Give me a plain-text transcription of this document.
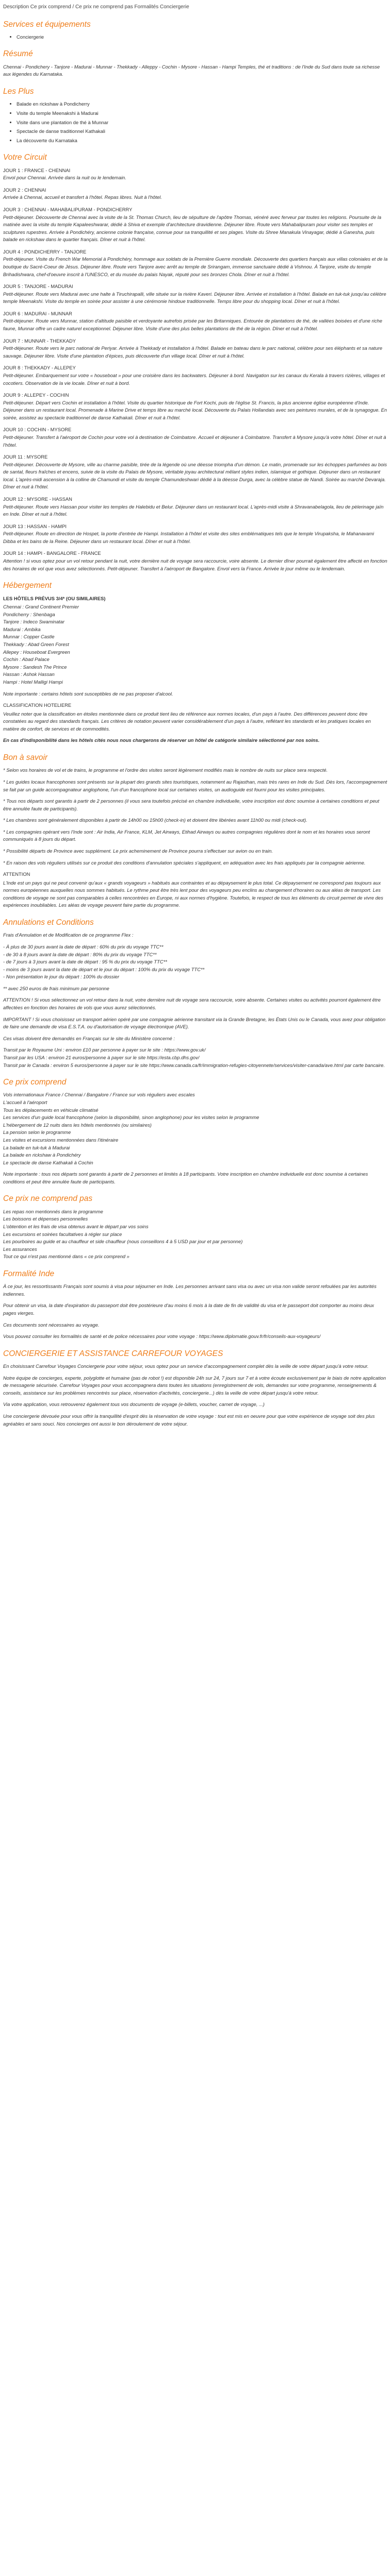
Description Ce prix comprend / Ce prix ne comprend pas Formalités Conciergerie

Services et équipements
• Conciergerie
Résumé

Chennai - Pondichery - Tanjore - Madurai - Munnar - Thekkady - Alleppy - Cochin - Mysore - Hassan - Hampi Temples, thé et traditions : de l'Inde du Sud dans toute sa richesse aux légendes du Karnataka.

Les Plus
• Balade en rickshaw à Pondicherry
• Visite du temple Meenakshi à Madurai
• Visite dans une plantation de thé à Munnar
• Spectacle de danse traditionnel Kathakali
• La découverte du Karnataka
Votre Circuit
JOUR 1 : FRANCE - CHENNAI
Envol pour Chennai. Arrivée dans la nuit ou le lendemain.
JOUR 2 : CHENNAI
Arrivée à Chennai, accueil et transfert à l'hôtel. Repas libres. Nuit à l'hôtel.
JOUR 3 : CHENNAI - MAHABALIPURAM - PONDICHERRY
Petit-déjeuner. Découverte de Chennai avec la visite de la St. Thomas Church, lieu de sépulture de l'apôtre Thomas, vénéré avec ferveur par toutes les religions. Poursuite de la matinée avec la visite du temple Kapaleeshwarar, dédié à Shiva et exemple d'architecture dravidienne. Déjeuner libre. Route vers Mahabalipuram pour visiter ses temples et sculptures rupestres. Arrivée à Pondichéry, ancienne colonie française, connue pour sa tranquillité et ses plages. Visite du Shree Manakula Vinayagar, dédié à Ganesha, puis balade en rickshaw dans le quartier français. Dîner et nuit à l'hôtel.
JOUR 4 : PONDICHERRY - TANJORE
Petit-déjeuner. Visite du French War Memorial à Pondichéry, hommage aux soldats de la Première Guerre mondiale. Découverte des quartiers français aux villas coloniales et de la boutique du Sacré-Coeur de Jésus. Déjeuner libre. Route vers Tanjore avec arrêt au temple de Srirangam, immense sanctuaire dédié à Vishnou. À Tanjore, visite du temple Brihadishwara, chef-d'oeuvre inscrit à l'UNESCO, et du musée du palais Nayak, réputé pour ses bronzes Chola. Dîner et nuit à l'hôtel.
JOUR 5 : TANJORE - MADURAI
Petit-déjeuner. Route vers Madurai avec une halte à Tiruchirapalli, ville située sur la rivière Kaveri. Déjeuner libre. Arrivée et installation à l'hôtel. Balade en tuk-tuk jusqu'au célèbre temple Meenakshi. Visite du temple en soirée pour assister à une cérémonie hindoue traditionnelle. Temps libre pour du shopping local. Dîner et nuit à l'hôtel.
JOUR 6 : MADURAI - MUNNAR
Petit-déjeuner. Route vers Munnar, station d'altitude paisible et verdoyante autrefois prisée par les Britanniques. Entourée de plantations de thé, de vallées boisées et d'une riche faune, Munnar offre un cadre naturel exceptionnel. Déjeuner libre. Visite d'une des plus belles plantations de thé de la région. Dîner et nuit à l'hôtel.
JOUR 7 : MUNNAR - THEKKADY
Petit-déjeuner. Route vers le parc national de Periyar. Arrivée à Thekkady et installation à l'hôtel. Balade en bateau dans le parc national, célèbre pour ses éléphants et sa nature sauvage. Déjeuner libre. Visite d'une plantation d'épices, puis découverte d'un village local. Dîner et nuit à l'hôtel.
JOUR 8 : THEKKADY - ALLEPEY
Petit-déjeuner. Embarquement sur votre « houseboat » pour une croisière dans les backwaters. Déjeuner à bord. Navigation sur les canaux du Kerala à travers rizières, villages et cocotiers. Observation de la vie locale. Dîner et nuit à bord.
JOUR 9 : ALLEPEY - COCHIN
Petit-déjeuner. Départ vers Cochin et installation à l'hôtel. Visite du quartier historique de Fort Kochi, puis de l'église St. Francis, la plus ancienne église européenne d'Inde. Déjeuner dans un restaurant local. Promenade à Marine Drive et temps libre au marché local. Découverte du Palais Hollandais avec ses peintures murales, et de la synagogue. En soirée, assistez au spectacle traditionnel de danse Kathakali. Dîner et nuit à l'hôtel.
JOUR 10 : COCHIN - MYSORE
Petit-déjeuner. Transfert à l'aéroport de Cochin pour votre vol à destination de Coimbatore. Accueil et déjeuner à Coimbatore. Transfert à Mysore jusqu'à votre hôtel. Dîner et nuit à l'hôtel.
JOUR 11 : MYSORE
Petit-déjeuner. Découverte de Mysore, ville au charme paisible, tirée de la légende où une déesse triompha d'un démon. Le matin, promenade sur les échoppes parfumées au bois de santal, fleurs fraîches et encens, suivie de la visite du Palais de Mysore, véritable joyau architectural mêlant styles indien, islamique et gothique. Déjeuner dans un restaurant local. L'après-midi ascension à la colline de Chamundi et visite du temple Chamundeshwari dédié à la déesse Durga, avec la célèbre statue de Nandi. Soirée au marché Devaraja. Dîner et nuit à l'hôtel.
JOUR 12 : MYSORE - HASSAN
Petit-déjeuner. Route vers Hassan pour visiter les temples de Halebidu et Belur. Déjeuner dans un restaurant local. L'après-midi visite à Shravanabelagola, lieu de pèlerinage jaïn en Inde. Dîner et nuit à l'hôtel.
JOUR 13 : HASSAN - HAMPI
Petit-déjeuner. Route en direction de Hospet, la porte d'entrée de Hampi. Installation à l'hôtel et visite des sites emblématiques tels que le temple Virupaksha, le Mahanavami Dibba et les bains de la Reine. Déjeuner dans un restaurant local. Dîner et nuit à l'hôtel.
JOUR 14 : HAMPI - BANGALORE - FRANCE
Attention ! si vous optez pour un vol retour pendant la nuit, votre dernière nuit de voyage sera raccourcie, voire absente. Le dernier dîner pourrait également être affecté en fonction des horaires de vol que vous avez sélectionnés. Petit-déjeuner. Transfert à l'aéroport de Bangalore. Envol vers la France. Arrivée le jour même ou le lendemain.
Hébergement

LES HÔTELS PRÉVUS 3/4* (OU SIMILAIRES)

Chennai : Grand Continent Premier
Pondicherry : Shenbaga
Tanjore : Indeco Swaminatar
Madurai : Ambika
Munnar : Copper Castle
Thekkady : Abad Green Forest
Allepey : Houseboat Evergreen
Cochin : Abad Palace
Mysore : Sandesh The Prince
Hassan : Ashok Hassan
Hampi : Hotel Malligi Hampi

Note importante : certains hôtels sont susceptibles de ne pas proposer d'alcool.

CLASSIFICATION HOTELIERE

Veuillez noter que la classification en étoiles mentionnée dans ce produit tient lieu de référence aux normes locales, d'un pays à l'autre. Des différences peuvent donc être constatées au regard des standards français. Les critères de notation peuvent varier considérablement d'un pays à l'autre, reflétant les standards et les pratiques locales en matière de confort, de services et de commodités.

En cas d'indisponibilité dans les hôtels cités nous nous chargerons de réserver un hôtel de catégorie similaire sélectionné par nos soins.

Bon à savoir

* Selon vos horaires de vol et de trains, le programme et l'ordre des visites seront légèrement modifiés mais le nombre de nuits sur place sera respecté.

* Les guides locaux francophones sont présents sur la plupart des grands sites touristiques, notamment au Rajasthan, mais très rares en Inde du Sud. Dès lors, l'accompagnement se fait par un guide accompagnateur anglophone, l'un d'un francophone local sur certaines visites, un audioguide est fourni pour les visites principales.

* Tous nos départs sont garantis à partir de 2 personnes (il vous sera toutefois précisé en chambre individuelle, votre inscription est donc soumise à certaines conditions et peut être annulée faute de participants).

* Les chambres sont généralement disponibles à partir de 14h00 ou 15h00 (check-in) et doivent être libérées avant 11h00 ou midi (check-out).

* Les compagnies opérant vers l'Inde sont : Air India, Air France, KLM, Jet Airways, Etihad Airways ou autres compagnies régulières dont le nom et les horaires vous seront communiqués à 8 jours du départ.

* Possibilité départs de Province avec supplément. Le prix acheminement de Province pourra s'effectuer sur avion ou en train.

* En raison des vols réguliers utilisés sur ce produit des conditions d'annulation spéciales s'appliquent, en adéquation avec les frais appliqués par la compagnie aérienne.

ATTENTION

L'Inde est un pays qui ne peut convenir qu'aux « grands voyageurs » habitués aux contraintes et au dépaysement le plus total. Ce dépaysement ne correspond pas toujours aux normes européennes auxquelles nous sommes habitués. Le rythme peut être très lent pour des voyageurs peu enclins au changement d'horaires ou aux aléas de transport. Les conditions de voyage ne sont pas comparables à celles rencontrées en Europe, ni aux normes d'hygiène. Toutefois, le respect de tous les éléments du circuit permet de vivre des expériences inoubliables. Les aléas de voyage peuvent faire partie du programme.

Annulations et Conditions

Frais d'Annulation et de Modification de ce programme Flex :

- À plus de 30 jours avant la date de départ : 60% du prix du voyage TTC**
- de 30 à 8 jours avant la date de départ : 80% du prix du voyage TTC**
- de 7 jours à 3 jours avant la date de départ : 95 % du prix du voyage TTC**
- moins de 3 jours avant la date de départ et le jour du départ : 100% du prix du voyage TTC**
- Non présentation le jour du départ : 100% du dossier

** avec 250 euros de frais minimum par personne

ATTENTION ! Si vous sélectionnez un vol retour dans la nuit, votre dernière nuit de voyage sera raccourcie, voire absente. Certaines visites ou activités pourront également être affectées en fonction des horaires de vols que vous aurez sélectionnés.

IMPORTANT ! Si vous choisissez un transport aérien opéré par une compagnie aérienne transitant via la Grande Bretagne, les États Unis ou le Canada, vous avez pour obligation de faire une demande de visa E.S.T.A. ou d'autorisation de voyage électronique (AVE).

Ces visas doivent être demandés en Français sur le site du Ministère concerné :

Transit par le Royaume Uni : environ £10 par personne à payer sur le site : https://www.gov.uk/
Transit par les USA : environ 21 euros/personne à payer sur le site https://esta.cbp.dhs.gov/
Transit par le Canada : environ 5 euros/personne à payer sur le site https://www.canada.ca/fr/immigration-refugies-citoyennete/services/visiter-canada/ave.html par carte bancaire.
Ce prix comprend
Vols internationaux France / Chennai / Bangalore / France sur vols réguliers avec escales
L'accueil à l'aéroport
Tous les déplacements en véhicule climatisé
Les services d'un guide local francophone (selon la disponibilité, sinon anglophone) pour les visites selon le programme
L'hébergement de 12 nuits dans les hôtels mentionnés (ou similaires)
La pension selon le programme
Les visites et excursions mentionnées dans l'itinéraire
La balade en tuk-tuk à Madurai
La balade en rickshaw à Pondichéry
Le spectacle de danse Kathakali à Cochin

Note importante : tous nos départs sont garantis à partir de 2 personnes et limités à 18 participants. Votre inscription en chambre individuelle est donc soumise à certaines conditions et peut être annulée faute de participants.

Ce prix ne comprend pas
Les repas non mentionnés dans le programme
Les boissons et dépenses personnelles
L'obtention et les frais de visa obtenus avant le départ par vos soins
Les excursions et soirées facultatives à régler sur place
Les pourboires au guide et au chauffeur et side chauffeur (nous conseillons 4 à 5 USD par jour et par personne)
Les assurances
Tout ce qui n'est pas mentionné dans « ce prix comprend »
Formalité Inde

À ce jour, les ressortissants Français sont soumis à visa pour séjourner en Inde. Les personnes arrivant sans visa ou avec un visa non valide seront refoulées par les autorités indiennes.

Pour obtenir un visa, la date d'expiration du passeport doit être postérieure d'au moins 6 mois à la date de fin de validité du visa et le passeport doit comporter au moins deux pages vierges.

Ces documents sont nécessaires au voyage.

Vous pouvez consulter les formalités de santé et de police nécessaires pour votre voyage : https://www.diplomatie.gouv.fr/fr/conseils-aux-voyageurs/

CONCIERGERIE ET ASSISTANCE CARREFOUR VOYAGES

En choisissant Carrefour Voyages Conciergerie pour votre séjour, vous optez pour un service d'accompagnement complet dès la veille de votre départ jusqu'à votre retour.

Notre équipe de concierges, experte, polyglotte et humaine (pas de robot !) est disponible 24h sur 24, 7 jours sur 7 et à votre écoute exclusivement par le biais de notre application de messagerie sécurisée. Carrefour Voyages pour vous accompagnera dans toutes les situations (enregistrement de vols, demandes sur votre programme, renseignements & conseils, assistance sur les problèmes rencontrés sur place, réservation d'activités, conciergerie...) dès la veille de votre départ jusqu'à votre retour.

Via votre application, vous retrouverez également tous vos documents de voyage (e-billets, voucher, carnet de voyage, ...)

Une conciergerie dévouée pour vous offrir la tranquillité d'esprit dès la réservation de votre voyage : tout est mis en oeuvre pour que votre expérience de voyage soit des plus agréables et sans souci. Nos concierges ont aussi le bon déroulement de votre séjour.
